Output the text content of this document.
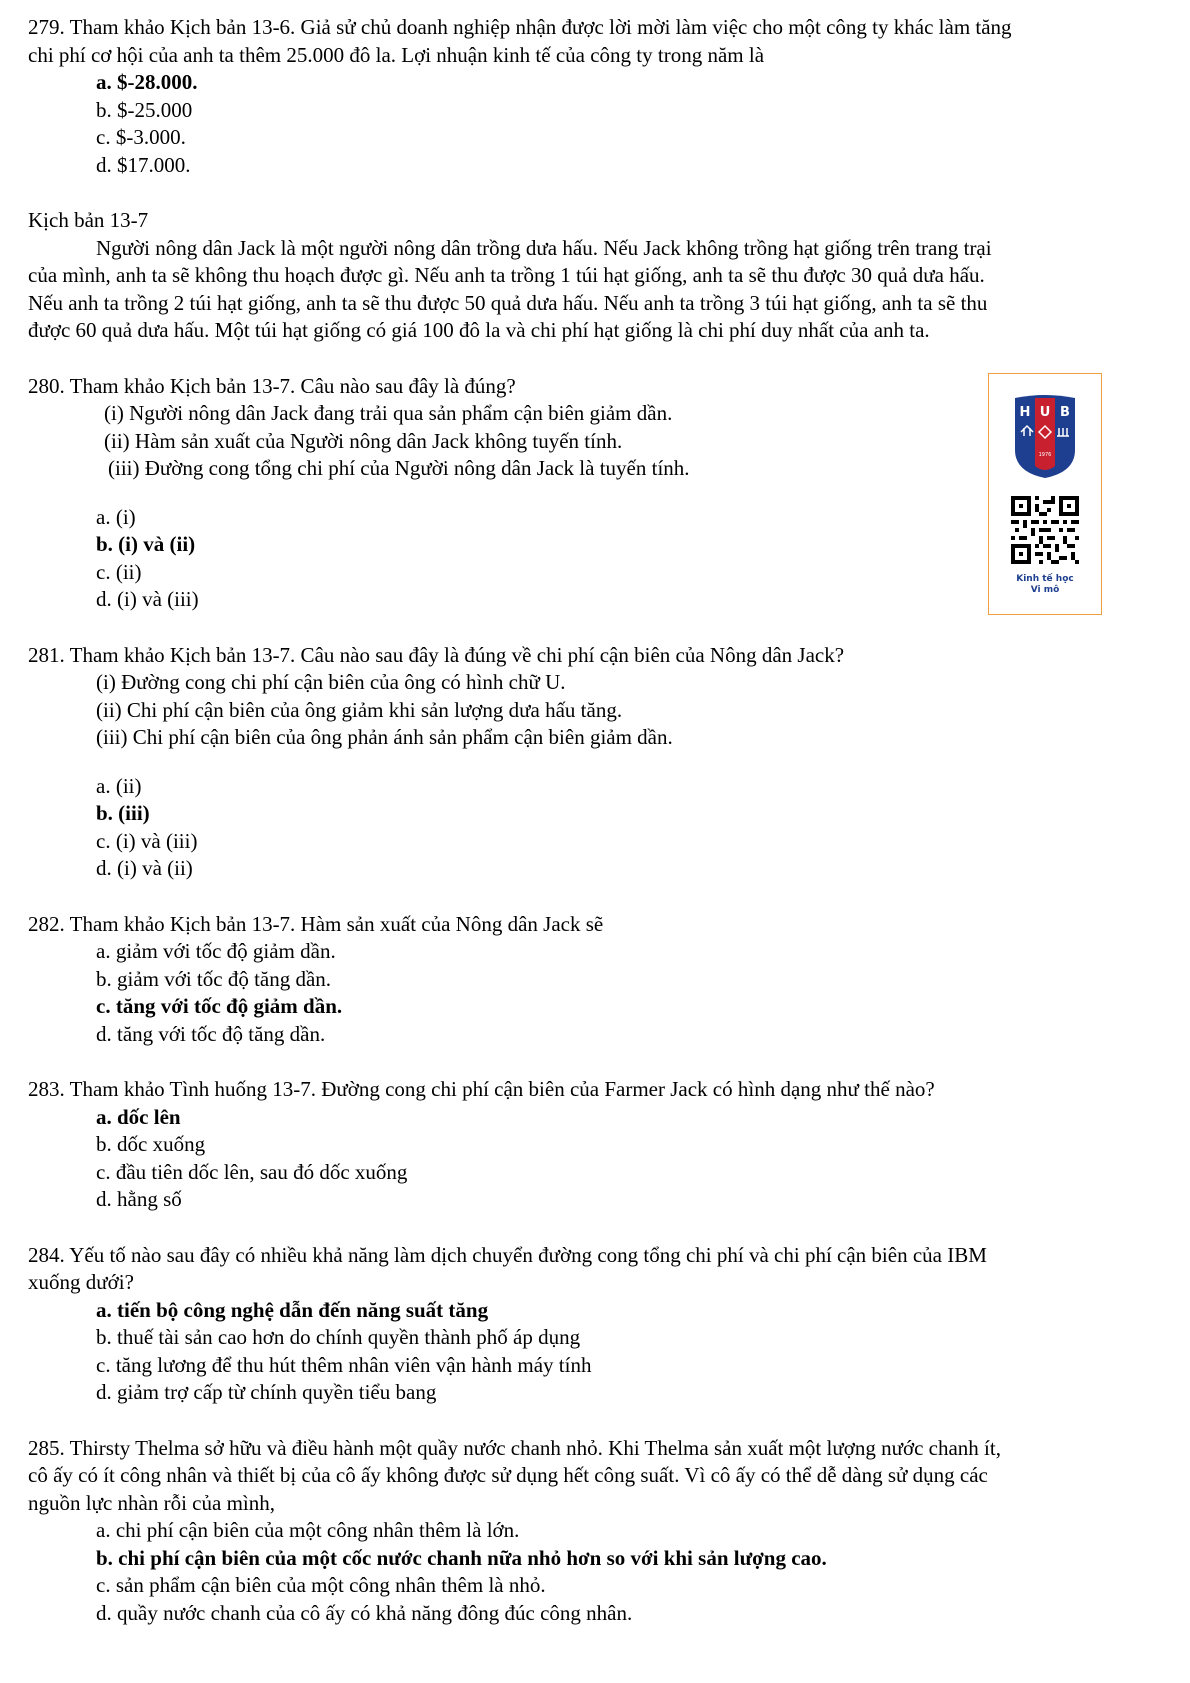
279. Tham khảo Kịch bản 13-6. Giả sử chủ doanh nghiệp nhận được lời mời làm việc cho một công ty khác làm tăng
chi phí cơ hội của anh ta thêm 25.000 đô la. Lợi nhuận kinh tế của công ty trong năm là
a. $-28.000.
b. $-25.000
c. $-3.000.
d. $17.000.
Kịch bản 13-7
Người nông dân Jack là một người nông dân trồng dưa hấu. Nếu Jack không trồng hạt giống trên trang trại
của mình, anh ta sẽ không thu hoạch được gì. Nếu anh ta trồng 1 túi hạt giống, anh ta sẽ thu được 30 quả dưa hấu.
Nếu anh ta trồng 2 túi hạt giống, anh ta sẽ thu được 50 quả dưa hấu. Nếu anh ta trồng 3 túi hạt giống, anh ta sẽ thu
được 60 quả dưa hấu. Một túi hạt giống có giá 100 đô la và chi phí hạt giống là chi phí duy nhất của anh ta.
280. Tham khảo Kịch bản 13-7. Câu nào sau đây là đúng?
(i) Người nông dân Jack đang trải qua sản phẩm cận biên giảm dần.
(ii) Hàm sản xuất của Người nông dân Jack không tuyến tính.
(iii) Đường cong tổng chi phí của Người nông dân Jack là tuyến tính.
a. (i)
b. (i) và (ii)
c. (ii)
d. (i) và (iii)
281. Tham khảo Kịch bản 13-7. Câu nào sau đây là đúng về chi phí cận biên của Nông dân Jack?
(i) Đường cong chi phí cận biên của ông có hình chữ U.
(ii) Chi phí cận biên của ông giảm khi sản lượng dưa hấu tăng.
(iii) Chi phí cận biên của ông phản ánh sản phẩm cận biên giảm dần.
a. (ii)
b. (iii)
c. (i) và (iii)
d. (i) và (ii)
282. Tham khảo Kịch bản 13-7. Hàm sản xuất của Nông dân Jack sẽ
a. giảm với tốc độ giảm dần.
b. giảm với tốc độ tăng dần.
c. tăng với tốc độ giảm dần.
d. tăng với tốc độ tăng dần.
283. Tham khảo Tình huống 13-7. Đường cong chi phí cận biên của Farmer Jack có hình dạng như thế nào?
a. dốc lên
b. dốc xuống
c. đầu tiên dốc lên, sau đó dốc xuống
d. hằng số
284. Yếu tố nào sau đây có nhiều khả năng làm dịch chuyển đường cong tổng chi phí và chi phí cận biên của IBM
xuống dưới?
a. tiến bộ công nghệ dẫn đến năng suất tăng
b. thuế tài sản cao hơn do chính quyền thành phố áp dụng
c. tăng lương để thu hút thêm nhân viên vận hành máy tính
d. giảm trợ cấp từ chính quyền tiểu bang
285. Thirsty Thelma sở hữu và điều hành một quầy nước chanh nhỏ. Khi Thelma sản xuất một lượng nước chanh ít,
cô ấy có ít công nhân và thiết bị của cô ấy không được sử dụng hết công suất. Vì cô ấy có thể dễ dàng sử dụng các
nguồn lực nhàn rỗi của mình,
a. chi phí cận biên của một công nhân thêm là lớn.
b. chi phí cận biên của một cốc nước chanh nữa nhỏ hơn so với khi sản lượng cao.
c. sản phẩm cận biên của một công nhân thêm là nhỏ.
d. quầy nước chanh của cô ấy có khả năng đông đúc công nhân.
H U B
1976
Kinh tế học
Vi mô
